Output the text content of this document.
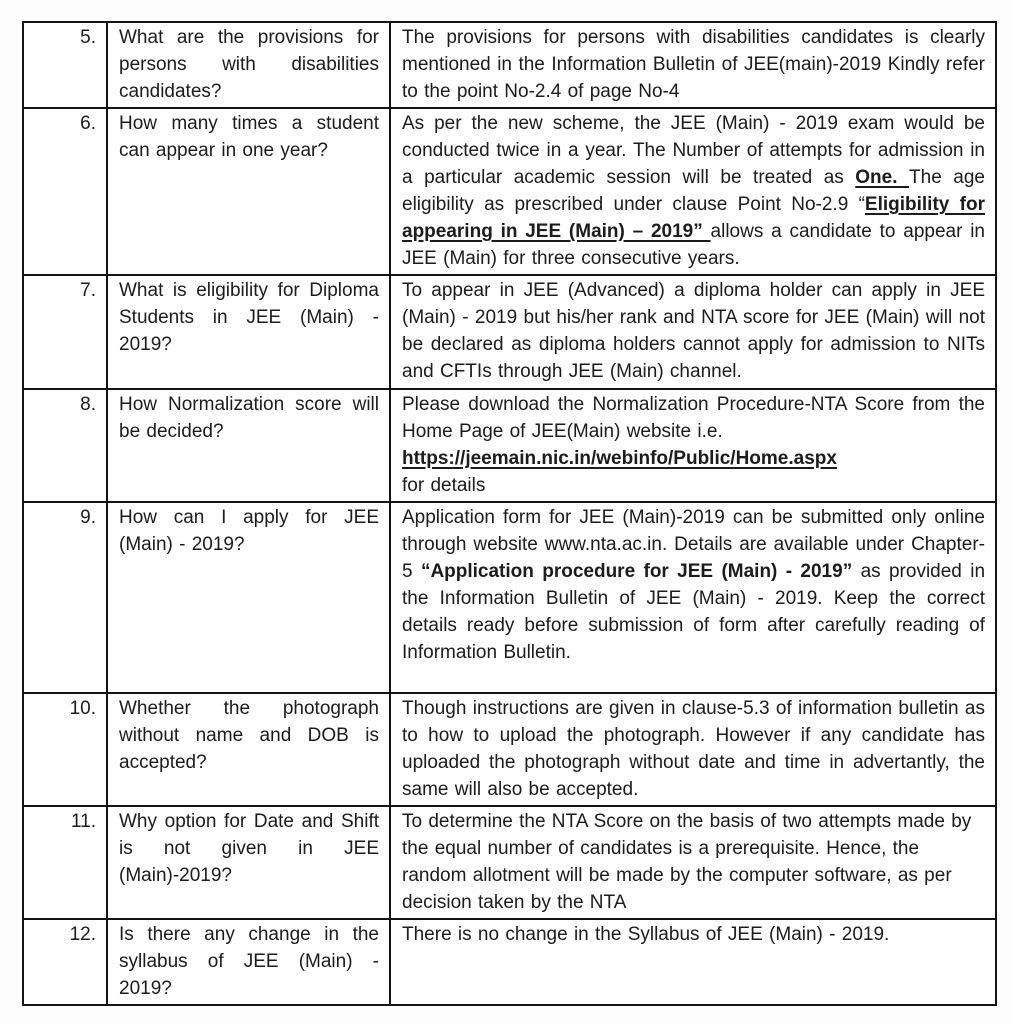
5.	What are the provisions for persons with disabilities candidates?	The provisions for persons with disabilities candidates is clearly mentioned in the Information Bulletin of JEE(main)-2019 Kindly refer to the point No-2.4 of page No-4
6.	How many times a student can appear in one year?	As per the new scheme, the JEE (Main) - 2019 exam would be conducted twice in a year. The Number of attempts for admission in a particular academic session will be treated as One. The age eligibility as prescribed under clause Point No-2.9 “Eligibility for appearing in JEE (Main) – 2019” allows a candidate to appear in JEE (Main) for three consecutive years.
7.	What is eligibility for Diploma Students in JEE (Main) - 2019?	To appear in JEE (Advanced) a diploma holder can apply in JEE (Main) - 2019 but his/her rank and NTA score for JEE (Main) will not be declared as diploma holders cannot apply for admission to NITs and CFTIs through JEE (Main) channel.
8.	How Normalization score will be decided?	Please download the Normalization Procedure-NTA Score from the Home Page of JEE(Main) website i.e.
https://jeemain.nic.in/webinfo/Public/Home.aspx
for details
9.	How can I apply for JEE (Main) - 2019?	Application form for JEE (Main)-2019 can be submitted only online through website www.nta.ac.in. Details are available under Chapter-5 “Application procedure for JEE (Main) - 2019” as provided in the Information Bulletin of JEE (Main) - 2019. Keep the correct details ready before submission of form after carefully reading of Information Bulletin.
10.	Whether the photograph without name and DOB is accepted?	Though instructions are given in clause-5.3 of information bulletin as to how to upload the photograph. However if any candidate has uploaded the photograph without date and time in advertantly, the same will also be accepted.
11.	Why option for Date and Shift is not given in JEE (Main)-2019?	To determine the NTA Score on the basis of two attempts made by the equal number of candidates is a prerequisite. Hence, the random allotment will be made by the computer software, as per decision taken by the NTA
12.	Is there any change in the syllabus of JEE (Main) - 2019?	There is no change in the Syllabus of JEE (Main) - 2019.
